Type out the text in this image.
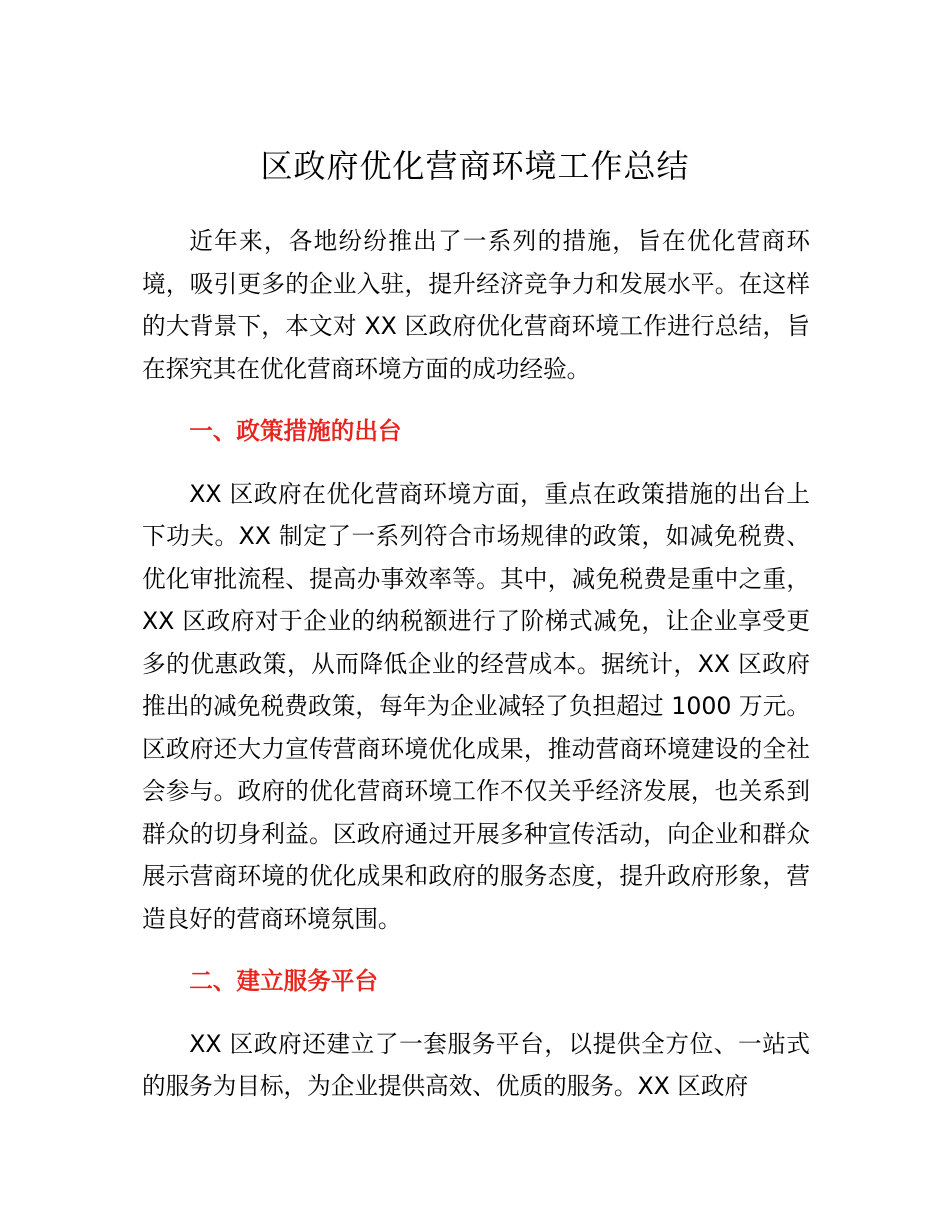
区政府优化营商环境工作总结

近年来，各地纷纷推出了一系列的措施，旨在优化营商环境，吸引更多的企业入驻，提升经济竞争力和发展水平。在这样的大背景下，本文对 XX 区政府优化营商环境工作进行总结，旨在探究其在优化营商环境方面的成功经验。

一、政策措施的出台

XX 区政府在优化营商环境方面，重点在政策措施的出台上下功夫。XX 制定了一系列符合市场规律的政策，如减免税费、优化审批流程、提高办事效率等。其中，减免税费是重中之重，XX 区政府对于企业的纳税额进行了阶梯式减免，让企业享受更多的优惠政策，从而降低企业的经营成本。据统计，XX 区政府推出的减免税费政策，每年为企业减轻了负担超过 1000 万元。区政府还大力宣传营商环境优化成果，推动营商环境建设的全社会参与。政府的优化营商环境工作不仅关乎经济发展，也关系到群众的切身利益。区政府通过开展多种宣传活动，向企业和群众展示营商环境的优化成果和政府的服务态度，提升政府形象，营造良好的营商环境氛围。

二、建立服务平台

XX 区政府还建立了一套服务平台，以提供全方位、一站式的服务为目标，为企业提供高效、优质的服务。XX 区政府
